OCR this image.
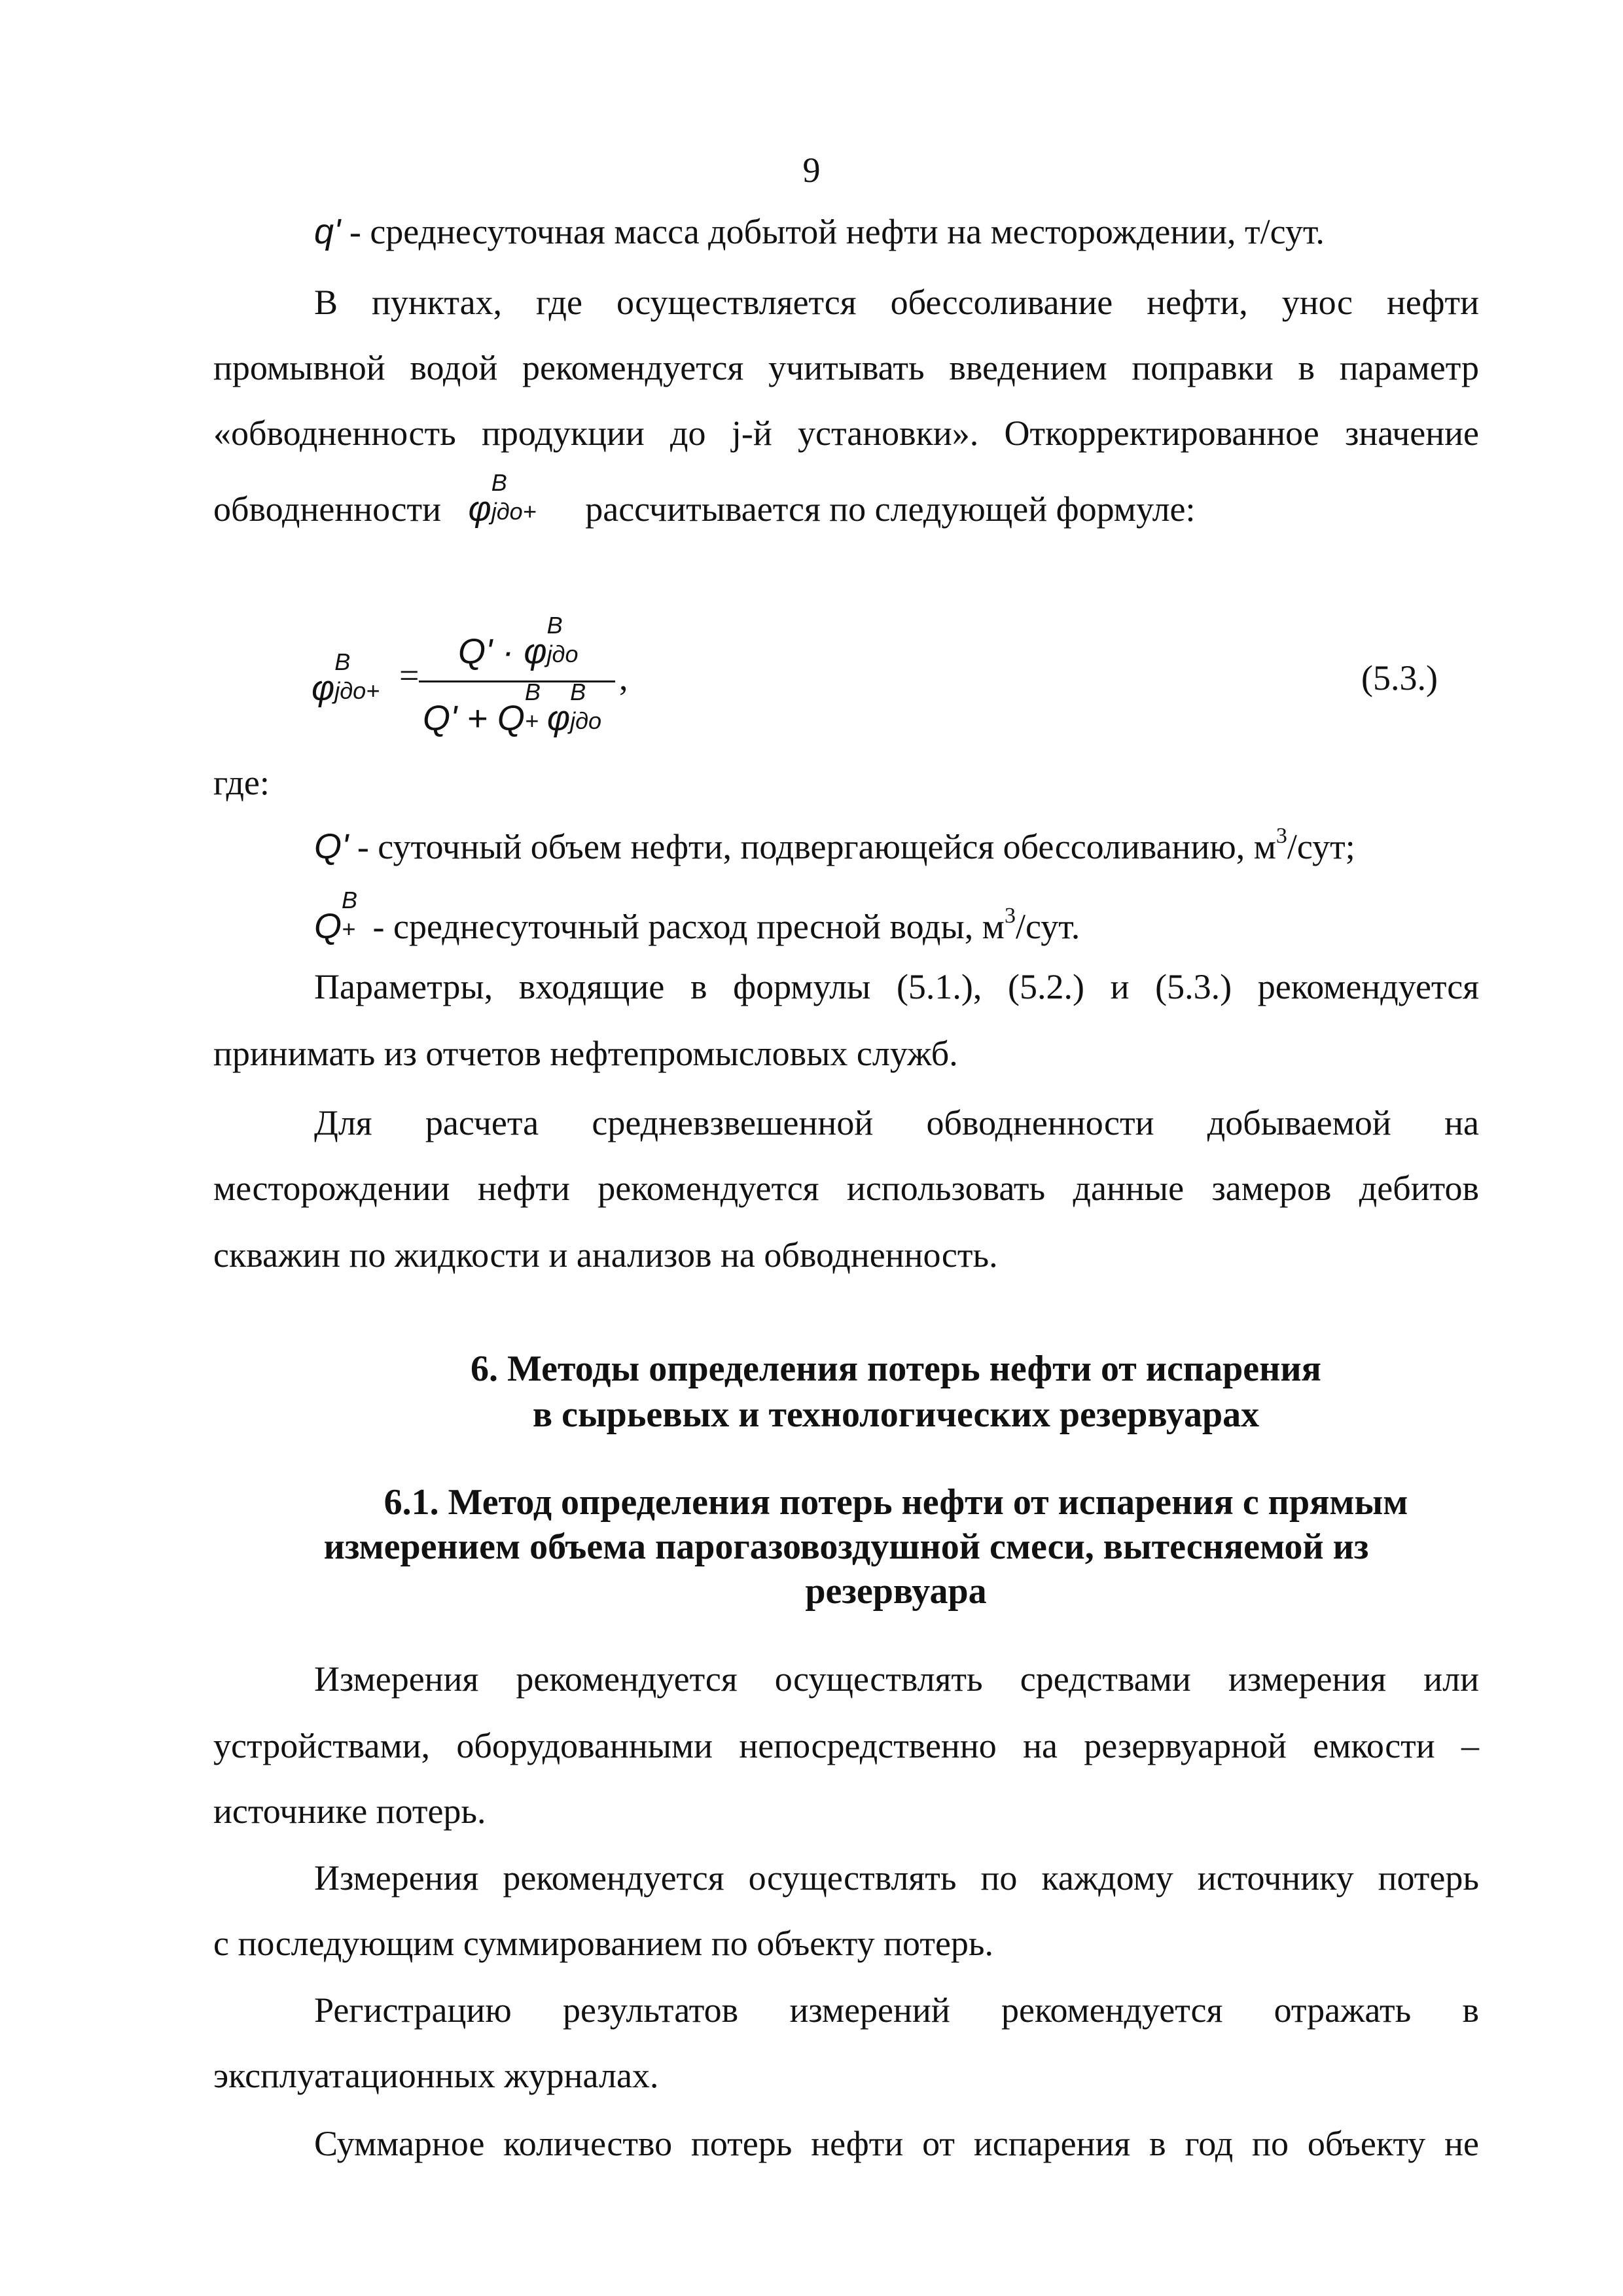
9
q' - среднесуточная масса добытой нефти на месторождении, т/сут.
В пунктах, где осуществляется обессоливание нефти, унос нефти
промывной водой рекомендуется учитывать введением поправки в параметр
«обводненность продукции до j-й установки». Откорректированное значение
обводненности φ
B
jдо+ рассчитывается по следующей формуле:
φ
B
jдо+ =
Q' · φ
B
jдо
Q' + Q
B
+ φ
B
jдо
,	(5.3.)
где:
Q' - суточный объем нефти, подвергающейся обессоливанию, $м^3$/сут;
Q
B
+ - среднесуточный расход пресной воды, $м^3$/сут.
Параметры, входящие в формулы (5.1.), (5.2.) и (5.3.) рекомендуется
принимать из отчетов нефтепромысловых служб.
Для расчета средневзвешенной обводненности добываемой на
месторождении нефти рекомендуется использовать данные замеров дебитов
скважин по жидкости и анализов на обводненность.
6. Методы определения потерь нефти от испарения
в сырьевых и технологических резервуарах
6.1. Метод определения потерь нефти от испарения с прямым
измерением объема парогазовоздушной смеси, вытесняемой из
резервуара
Измерения рекомендуется осуществлять средствами измерения или
устройствами, оборудованными непосредственно на резервуарной емкости –
источнике потерь.
Измерения рекомендуется осуществлять по каждому источнику потерь
с последующим суммированием по объекту потерь.
Регистрацию результатов измерений рекомендуется отражать в
эксплуатационных журналах.
Суммарное количество потерь нефти от испарения в год по объекту не
